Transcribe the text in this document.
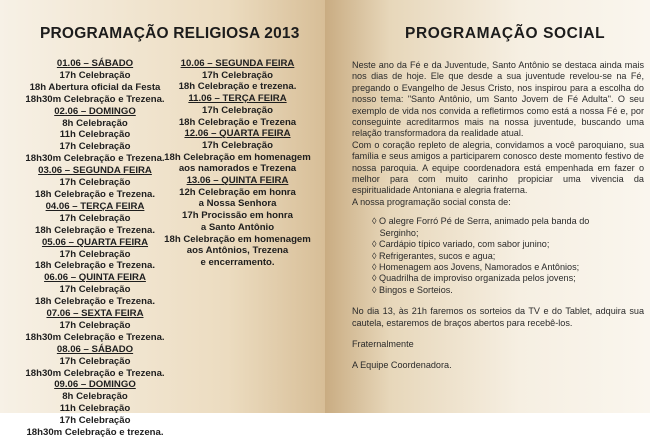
PROGRAMAÇÃO RELIGIOSA 2013
01.06 – SÁBADO
17h Celebração
18h Abertura oficial da Festa
18h30m Celebração e Trezena.
02.06 – DOMINGO
8h Celebração
11h Celebração
17h Celebração
18h30m Celebração e Trezena.
03.06 – SEGUNDA FEIRA
17h Celebração
18h Celebração e Trezena.
04.06 – TERÇA FEIRA
17h Celebração
18h Celebração e Trezena.
05.06 – QUARTA FEIRA
17h Celebração
18h Celebração e Trezena.
06.06 – QUINTA FEIRA
17h Celebração
18h Celebração e Trezena.
07.06 – SEXTA FEIRA
17h Celebração
18h30m Celebração e Trezena.
08.06 – SÁBADO
17h Celebração
18h30m Celebração e Trezena.
09.06 – DOMINGO
8h Celebração
11h Celebração
17h Celebração
18h30m Celebração e trezena.
10.06 – SEGUNDA FEIRA
17h Celebração
18h Celebração e trezena.
11.06 – TERÇA FEIRA
17h Celebração
18h Celebração e Trezena
12.06 – QUARTA FEIRA
17h Celebração
18h Celebração em homenagem
aos namorados e Trezena
13.06 – QUINTA FEIRA
12h Celebração em honra
a Nossa Senhora
17h Procissão em honra
a Santo Antônio
18h Celebração em homenagem
aos Antônios, Trezena
e encerramento.
PROGRAMAÇÃO SOCIAL

Neste ano da Fé e da Juventude, Santo Antônio se destaca ainda mais nos dias de hoje. Ele que desde a sua juventude revelou-se na Fé, pregando o Evangelho de Jesus Cristo, nos inspirou para a escolha do nosso tema: "Santo Antônio, um Santo Jovem de Fé Adulta". O seu exemplo de vida nos convida a refletirmos como está a nossa Fé e, por conseguinte acreditarmos mais na nossa juventude, buscando uma relação transformadora da realidade atual.

Com o coração repleto de alegria, convidamos a você paroquiano, sua família e seus amigos a participarem conosco deste momento festivo de nossa paroquia. A equipe coordenadora está empenhada em fazer o melhor para com muito carinho propiciar uma vivencia da espiritualidade Antoniana e alegria fraterna.

A nossa programação social consta de:

◊ O alegre Forró Pé de Serra, animado pela banda do
Serginho;
◊ Cardápio típico variado, com sabor junino;
◊ Refrigerantes, sucos e agua;
◊ Homenagem aos Jovens, Namorados e Antônios;
◊ Quadrilha de improviso organizada pelos jovens;
◊ Bingos e Sorteios.

No dia 13, às 21h faremos os sorteios da TV e do Tablet, adquira sua cautela, estaremos de braços abertos para recebê-los.

Fraternalmente

A Equipe Coordenadora.
